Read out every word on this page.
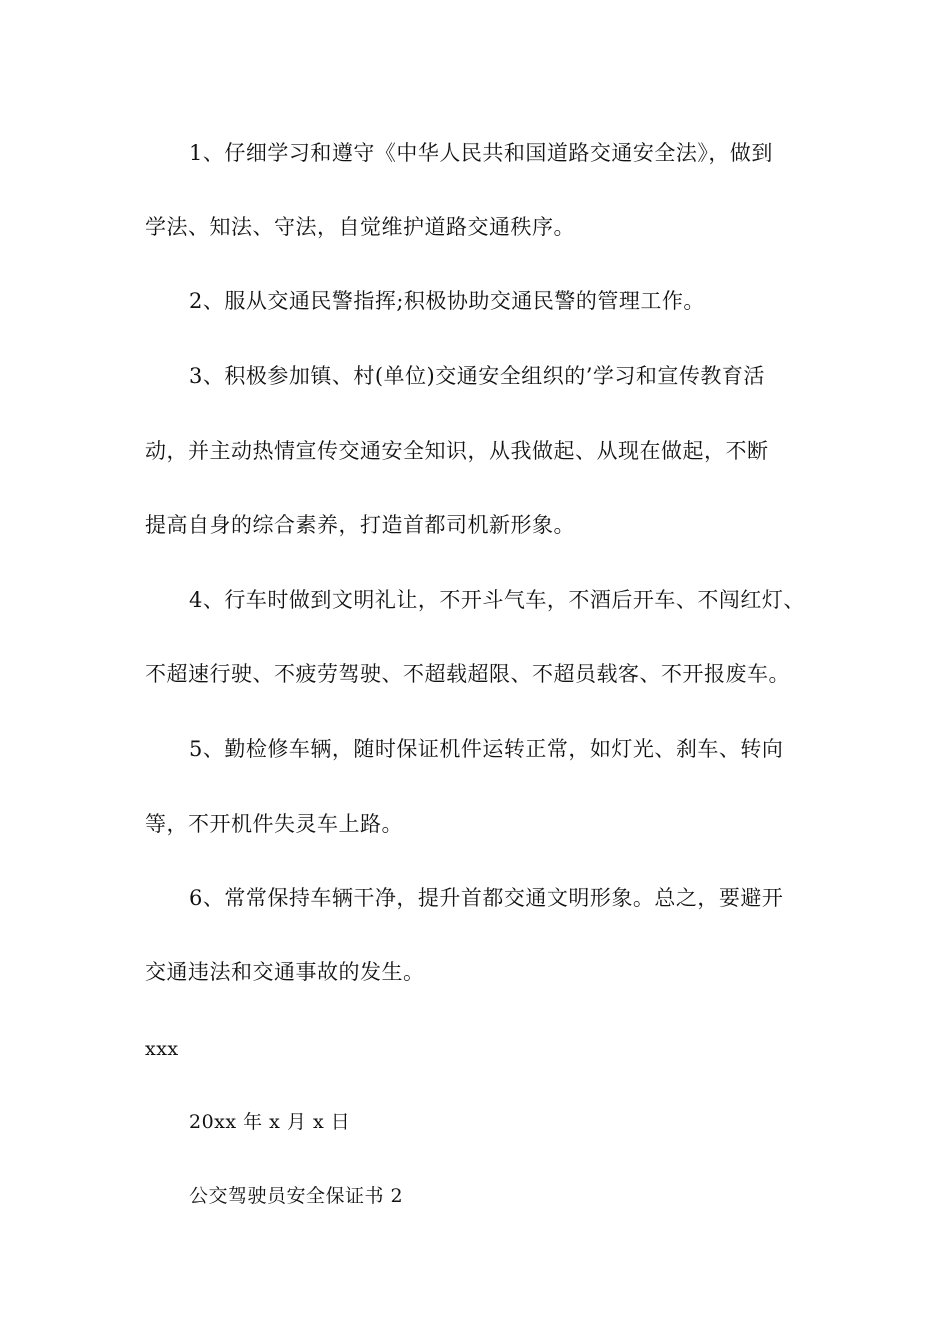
1、仔细学习和遵守《中华人民共和国道路交通安全法》，做到
学法、知法、守法，自觉维护道路交通秩序。
2、服从交通民警指挥;积极协助交通民警的管理工作。
3、积极参加镇、村(单位)交通安全组织的’学习和宣传教育活
动，并主动热情宣传交通安全知识，从我做起、从现在做起，不断
提高自身的综合素养，打造首都司机新形象。
4、行车时做到文明礼让，不开斗气车，不酒后开车、不闯红灯、
不超速行驶、不疲劳驾驶、不超载超限、不超员载客、不开报废车。
5、勤检修车辆，随时保证机件运转正常，如灯光、刹车、转向
等，不开机件失灵车上路。
6、常常保持车辆干净，提升首都交通文明形象。总之，要避开
交通违法和交通事故的发生。
xxx
20xx 年 x 月 x 日
公交驾驶员安全保证书 2
